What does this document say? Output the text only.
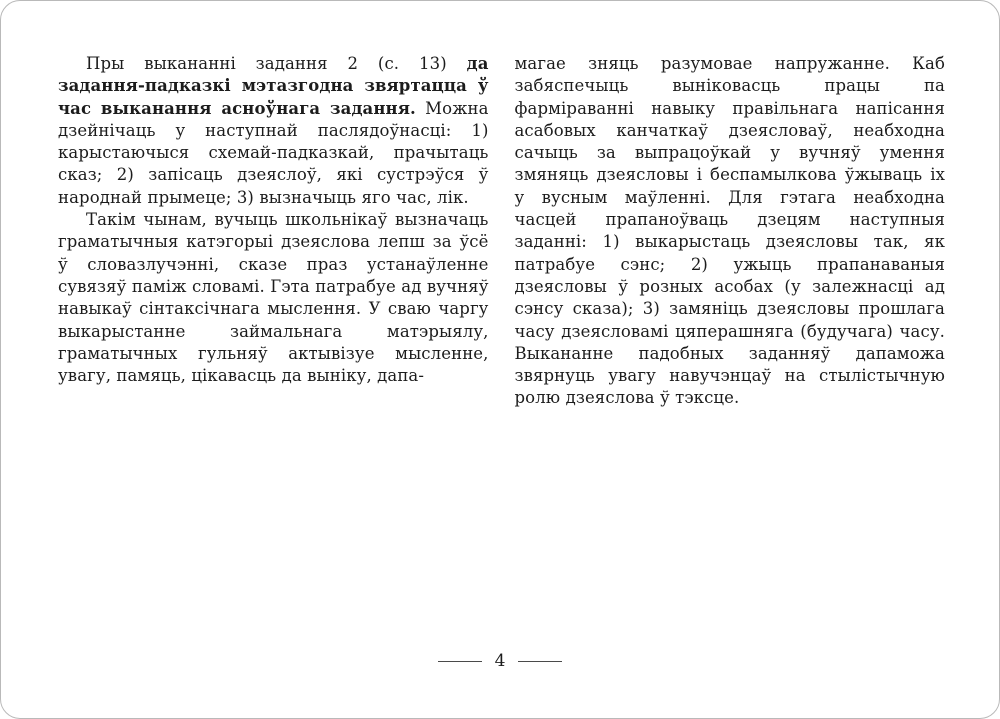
Пры выкананні задання 2 (с. 13) да задання-падказкі мэтазгодна звяртацца ў час выканання асноўнага задання. Можна дзейнічаць у наступнай паслядоўнасці: 1) карыстаючыся схемай-падказкай, прачытаць сказ; 2) запісаць дзеяслоў, які сустрэўся ў народнай прымеце; 3) вызначыць яго час, лік.

Такім чынам, вучыць школьнікаў вызначаць граматычныя катэгорыі дзеяслова лепш за ўсё ў словазлучэнні, сказе праз устанаўленне сувязяў паміж словамі. Гэта патрабуе ад вучняў навыкаў сінтаксічнага мыслення. У сваю чаргу выкарыстанне займальнага матэрыялу, граматычных гульняў актывізуе мысленне, увагу, памяць, цікавасць да выніку, дапа-

магае зняць разумовае напружанне. Каб забяспечыць выніковасць працы па фарміраванні навыку правільнага напісання асабовых канчаткаў дзеясловаў, неабходна сачыць за выпрацоўкай у вучняў умення змяняць дзеясловы і беспамылкова ўжываць іх у вусным маўленні. Для гэтага неабходна часцей прапаноўваць дзецям наступныя заданні: 1) выкарыстаць дзеясловы так, як патрабуе сэнс; 2) ужыць прапанаваныя дзеясловы ў розных асобах (у залежнасці ад сэнсу сказа); 3) замяніць дзеясловы прошлага часу дзеясловамі цяперашняга (будучага) часу. Выкананне падобных заданняў дапаможа звярнуць увагу навучэнцаў на стылістычную ролю дзеяслова ў тэксце.

4
